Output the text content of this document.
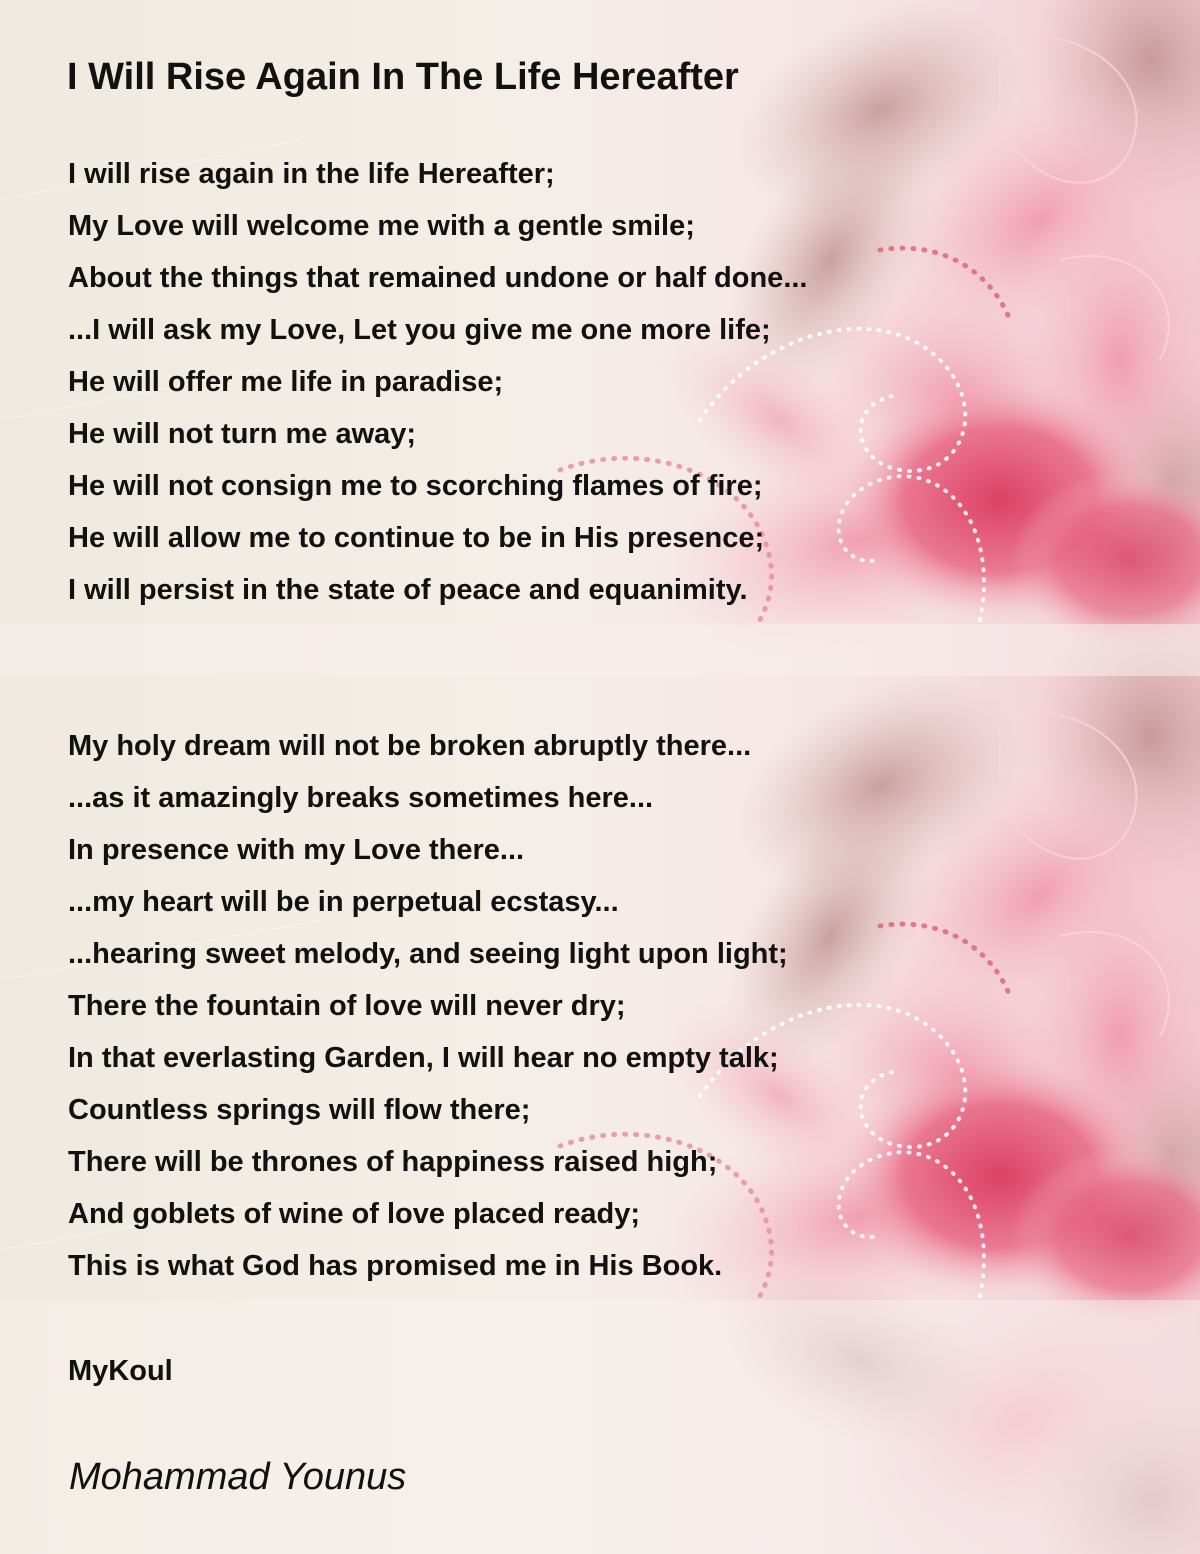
I Will Rise Again In The Life Hereafter
I will rise again in the life Hereafter;
My Love will welcome me with a gentle smile;
About the things that remained undone or half done...
...I will ask my Love, Let you give me one more life;
He will offer me life in paradise;
He will not turn me away;
He will not consign me to scorching flames of fire;
He will allow me to continue to be in His presence;
I will persist in the state of peace and equanimity.
My holy dream will not be broken abruptly there...
...as it amazingly breaks sometimes here...
In presence with my Love there...
...my heart will be in perpetual ecstasy...
...hearing sweet melody, and seeing light upon light;
There the fountain of love will never dry;
In that everlasting Garden, I will hear no empty talk;
Countless springs will flow there;
There will be thrones of happiness raised high;
And goblets of wine of love placed ready;
This is what God has promised me in His Book.

MyKoul

Mohammad Younus
